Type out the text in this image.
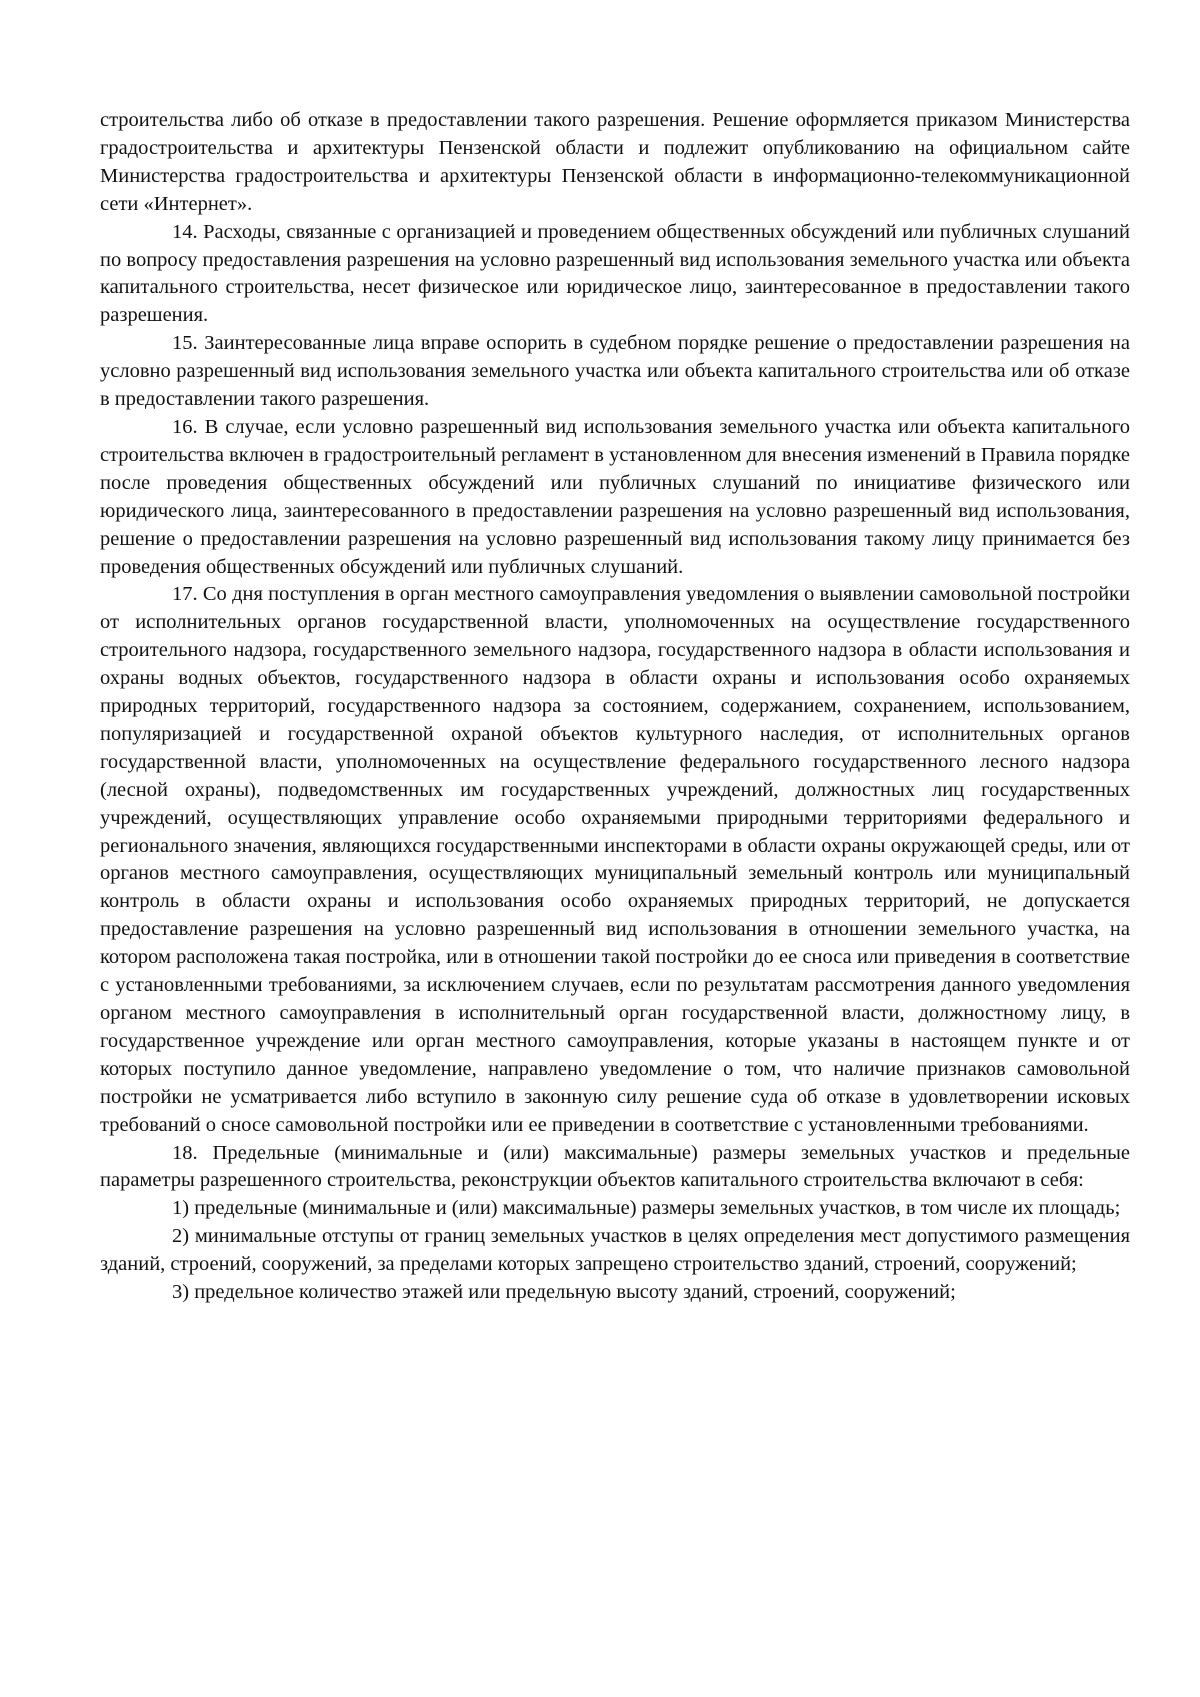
строительства либо об отказе в предоставлении такого разрешения. Решение оформляется приказом Министерства градостроительства и архитектуры Пензенской области и подлежит опубликованию на официальном сайте Министерства градостроительства и архитектуры Пензенской области в информационно-телекоммуникационной сети «Интернет».

14. Расходы, связанные с организацией и проведением общественных обсуждений или публичных слушаний по вопросу предоставления разрешения на условно разрешенный вид использования земельного участка или объекта капитального строительства, несет физическое или юридическое лицо, заинтересованное в предоставлении такого разрешения.

15. Заинтересованные лица вправе оспорить в судебном порядке решение о предоставлении разрешения на условно разрешенный вид использования земельного участка или объекта капитального строительства или об отказе в предоставлении такого разрешения.

16. В случае, если условно разрешенный вид использования земельного участка или объекта капитального строительства включен в градостроительный регламент в установленном для внесения изменений в Правила порядке после проведения общественных обсуждений или публичных слушаний по инициативе физического или юридического лица, заинтересованного в предоставлении разрешения на условно разрешенный вид использования, решение о предоставлении разрешения на условно разрешенный вид использования такому лицу принимается без проведения общественных обсуждений или публичных слушаний.

17. Со дня поступления в орган местного самоуправления уведомления о выявлении самовольной постройки от исполнительных органов государственной власти, уполномоченных на осуществление государственного строительного надзора, государственного земельного надзора, государственного надзора в области использования и охраны водных объектов, государственного надзора в области охраны и использования особо охраняемых природных территорий, государственного надзора за состоянием, содержанием, сохранением, использованием, популяризацией и государственной охраной объектов культурного наследия, от исполнительных органов государственной власти, уполномоченных на осуществление федерального государственного лесного надзора (лесной охраны), подведомственных им государственных учреждений, должностных лиц государственных учреждений, осуществляющих управление особо охраняемыми природными территориями федерального и регионального значения, являющихся государственными инспекторами в области охраны окружающей среды, или от органов местного самоуправления, осуществляющих муниципальный земельный контроль или муниципальный контроль в области охраны и использования особо охраняемых природных территорий, не допускается предоставление разрешения на условно разрешенный вид использования в отношении земельного участка, на котором расположена такая постройка, или в отношении такой постройки до ее сноса или приведения в соответствие с установленными требованиями, за исключением случаев, если по результатам рассмотрения данного уведомления органом местного самоуправления в исполнительный орган государственной власти, должностному лицу, в государственное учреждение или орган местного самоуправления, которые указаны в настоящем пункте и от которых поступило данное уведомление, направлено уведомление о том, что наличие признаков самовольной постройки не усматривается либо вступило в законную силу решение суда об отказе в удовлетворении исковых требований о сносе самовольной постройки или ее приведении в соответствие с установленными требованиями.

18. Предельные (минимальные и (или) максимальные) размеры земельных участков и предельные параметры разрешенного строительства, реконструкции объектов капитального строительства включают в себя:

1) предельные (минимальные и (или) максимальные) размеры земельных участков, в том числе их площадь;

2) минимальные отступы от границ земельных участков в целях определения мест допустимого размещения зданий, строений, сооружений, за пределами которых запрещено строительство зданий, строений, сооружений;

3) предельное количество этажей или предельную высоту зданий, строений, сооружений;
